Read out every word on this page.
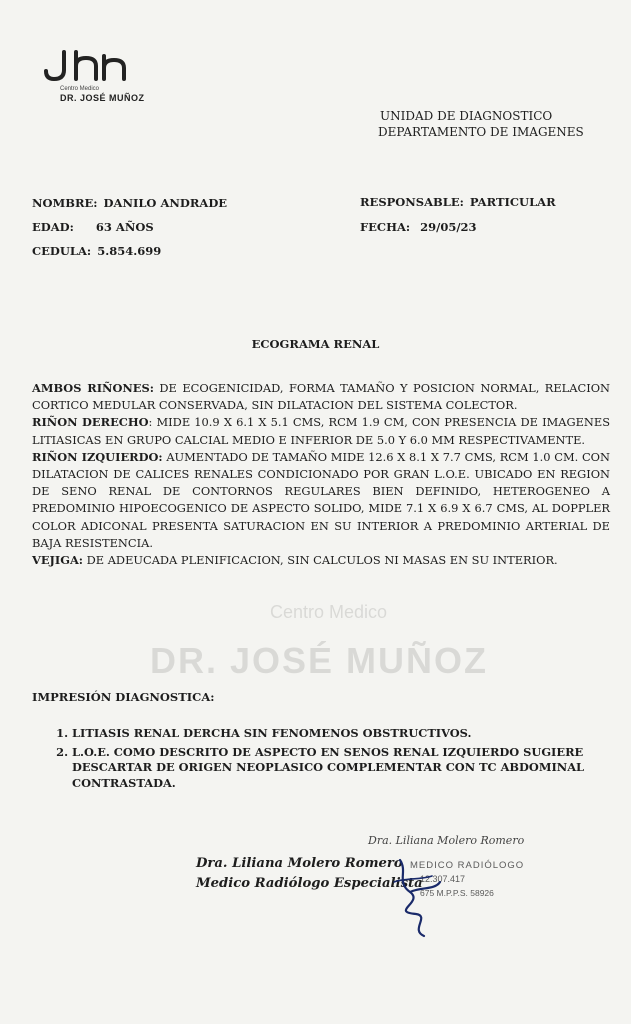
Centro Medico
DR. JOSÉ MUÑOZ
UNIDAD DE DIAGNOSTICO
DEPARTAMENTO DE IMAGENES
NOMBRE: DANILO ANDRADE
EDAD: 63 AÑOS
CEDULA: 5.854.699
RESPONSABLE: PARTICULAR
FECHA: 29/05/23
ECOGRAMA RENAL
Centro Medico
DR. JOSÉ MUÑOZ

AMBOS RIÑONES: DE ECOGENICIDAD, FORMA TAMAÑO Y POSICION NORMAL, RELACION CORTICO MEDULAR CONSERVADA, SIN DILATACION DEL SISTEMA COLECTOR.

RIÑON DERECHO: MIDE 10.9 X 6.1 X 5.1 CMS, RCM 1.9 CM, CON PRESENCIA DE IMAGENES LITIASICAS EN GRUPO CALCIAL MEDIO E INFERIOR DE 5.0 Y 6.0 MM RESPECTIVAMENTE.

RIÑON IZQUIERDO: AUMENTADO DE TAMAÑO MIDE 12.6 X 8.1 X 7.7 CMS, RCM 1.0 CM. CON DILATACION DE CALICES RENALES CONDICIONADO POR GRAN L.O.E. UBICADO EN REGION DE SENO RENAL DE CONTORNOS REGULARES BIEN DEFINIDO, HETEROGENEO A PREDOMINIO HIPOECOGENICO DE ASPECTO SOLIDO, MIDE 7.1 X 6.9 X 6.7 CMS, AL DOPPLER COLOR ADICONAL PRESENTA SATURACION EN SU INTERIOR A PREDOMINIO ARTERIAL DE BAJA RESISTENCIA.

VEJIGA: DE ADEUCADA PLENIFICACION, SIN CALCULOS NI MASAS EN SU INTERIOR.

IMPRESIÓN DIAGNOSTICA:
1. LITIASIS RENAL DERCHA SIN FENOMENOS OBSTRUCTIVOS.
2. L.O.E. COMO DESCRITO DE ASPECTO EN SENOS RENAL IZQUIERDO SUGIERE DESCARTAR DE ORIGEN NEOPLASICO COMPLEMENTAR CON TC ABDOMINAL CONTRASTADA.
Dra. Liliana Molero Romero
MEDICO RADIÓLOGO
12.307.417
675 M.P.P.S. 58926
Dra. Liliana Molero Romero
Medico Radiólogo Especialista
